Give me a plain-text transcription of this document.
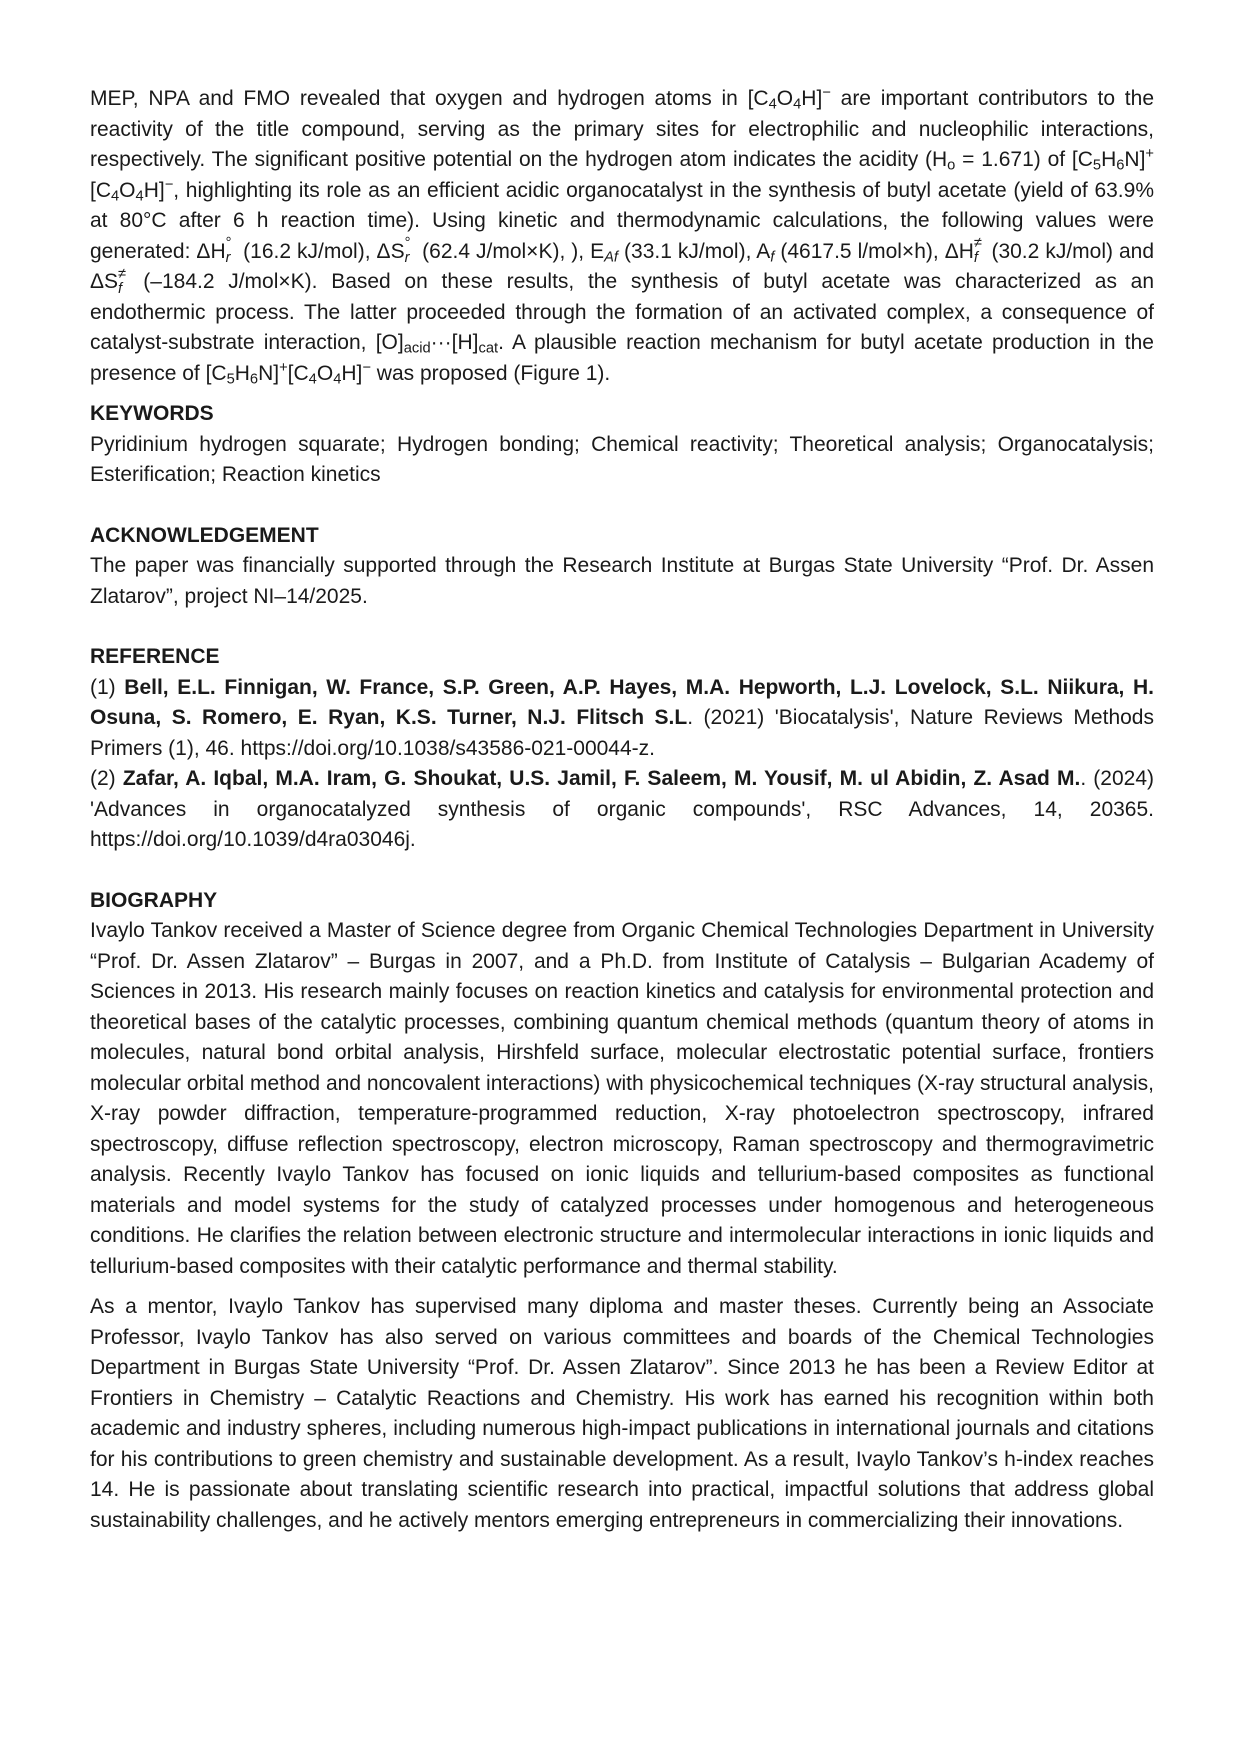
MEP, NPA and FMO revealed that oxygen and hydrogen atoms in $[C_4O_4H]^-$ are important contributors to the reactivity of the title compound, serving as the primary sites for electrophilic and nucleophilic interactions, respectively. The significant positive potential on the hydrogen atom indicates the acidity $(H_o = 1.671)$ of $[C_5H_6N]^+[C_4O_4H]^-$, highlighting its role as an efficient acidic organocatalyst in the synthesis of butyl acetate (yield of 63.9% at 80°C after 6 h reaction time). Using kinetic and thermodynamic calculations, the following values were generated: ΔH °
r (16.2 kJ/mol), ΔS °
r (62.4 J/mol×K), ), $E_{Af}$ (33.1 kJ/mol), $A_f$ (4617.5 l/mol×h), ΔH ≠
f (30.2 kJ/mol) and ΔS ≠
f (–184.2 J/mol×K). Based on these results, the synthesis of butyl acetate was characterized as an endothermic process. The latter proceeded through the formation of an activated complex, a consequence of catalyst-substrate interaction, $[O]_{acid}\cdot\cdot\cdot[H]_{cat}$. A plausible reaction mechanism for butyl acetate production in the presence of $[C_5H_6N]^+[C_4O_4H]^-$ was proposed (Figure 1).

KEYWORDS

Pyridinium hydrogen squarate; Hydrogen bonding; Chemical reactivity; Theoretical analysis; Organocatalysis; Esterification; Reaction kinetics

ACKNOWLEDGEMENT

The paper was financially supported through the Research Institute at Burgas State University “Prof. Dr. Assen Zlatarov”, project NI–14/2025.

REFERENCE

(1) Bell, E.L. Finnigan, W. France, S.P. Green, A.P. Hayes, M.A. Hepworth, L.J. Lovelock, S.L. Niikura, H. Osuna, S. Romero, E. Ryan, K.S. Turner, N.J. Flitsch S.L. (2021) 'Biocatalysis', Nature Reviews Methods Primers (1), 46. https://doi.org/10.1038/s43586-021-00044-z.

(2) Zafar, A. Iqbal, M.A. Iram, G. Shoukat, U.S. Jamil, F. Saleem, M. Yousif, M. ul Abidin, Z. Asad M.. (2024) 'Advances in organocatalyzed synthesis of organic compounds', RSC Advances, 14, 20365. https://doi.org/10.1039/d4ra03046j.

BIOGRAPHY

Ivaylo Tankov received a Master of Science degree from Organic Chemical Technologies Department in University “Prof. Dr. Assen Zlatarov” – Burgas in 2007, and a Ph.D. from Institute of Catalysis – Bulgarian Academy of Sciences in 2013. His research mainly focuses on reaction kinetics and catalysis for environmental protection and theoretical bases of the catalytic processes, combining quantum chemical methods (quantum theory of atoms in molecules, natural bond orbital analysis, Hirshfeld surface, molecular electrostatic potential surface, frontiers molecular orbital method and noncovalent interactions) with physicochemical techniques (X-ray structural analysis, X-ray powder diffraction, temperature-programmed reduction, X-ray photoelectron spectroscopy, infrared spectroscopy, diffuse reflection spectroscopy, electron microscopy, Raman spectroscopy and thermogravimetric analysis. Recently Ivaylo Tankov has focused on ionic liquids and tellurium-based composites as functional materials and model systems for the study of catalyzed processes under homogenous and heterogeneous conditions. He clarifies the relation between electronic structure and intermolecular interactions in ionic liquids and tellurium-based composites with their catalytic performance and thermal stability.

As a mentor, Ivaylo Tankov has supervised many diploma and master theses. Currently being an Associate Professor, Ivaylo Tankov has also served on various committees and boards of the Chemical Technologies Department in Burgas State University “Prof. Dr. Assen Zlatarov”. Since 2013 he has been a Review Editor at Frontiers in Chemistry – Catalytic Reactions and Chemistry. His work has earned his recognition within both academic and industry spheres, including numerous high-impact publications in international journals and citations for his contributions to green chemistry and sustainable development. As a result, Ivaylo Tankov’s h-index reaches 14. He is passionate about translating scientific research into practical, impactful solutions that address global sustainability challenges, and he actively mentors emerging entrepreneurs in commercializing their innovations.
